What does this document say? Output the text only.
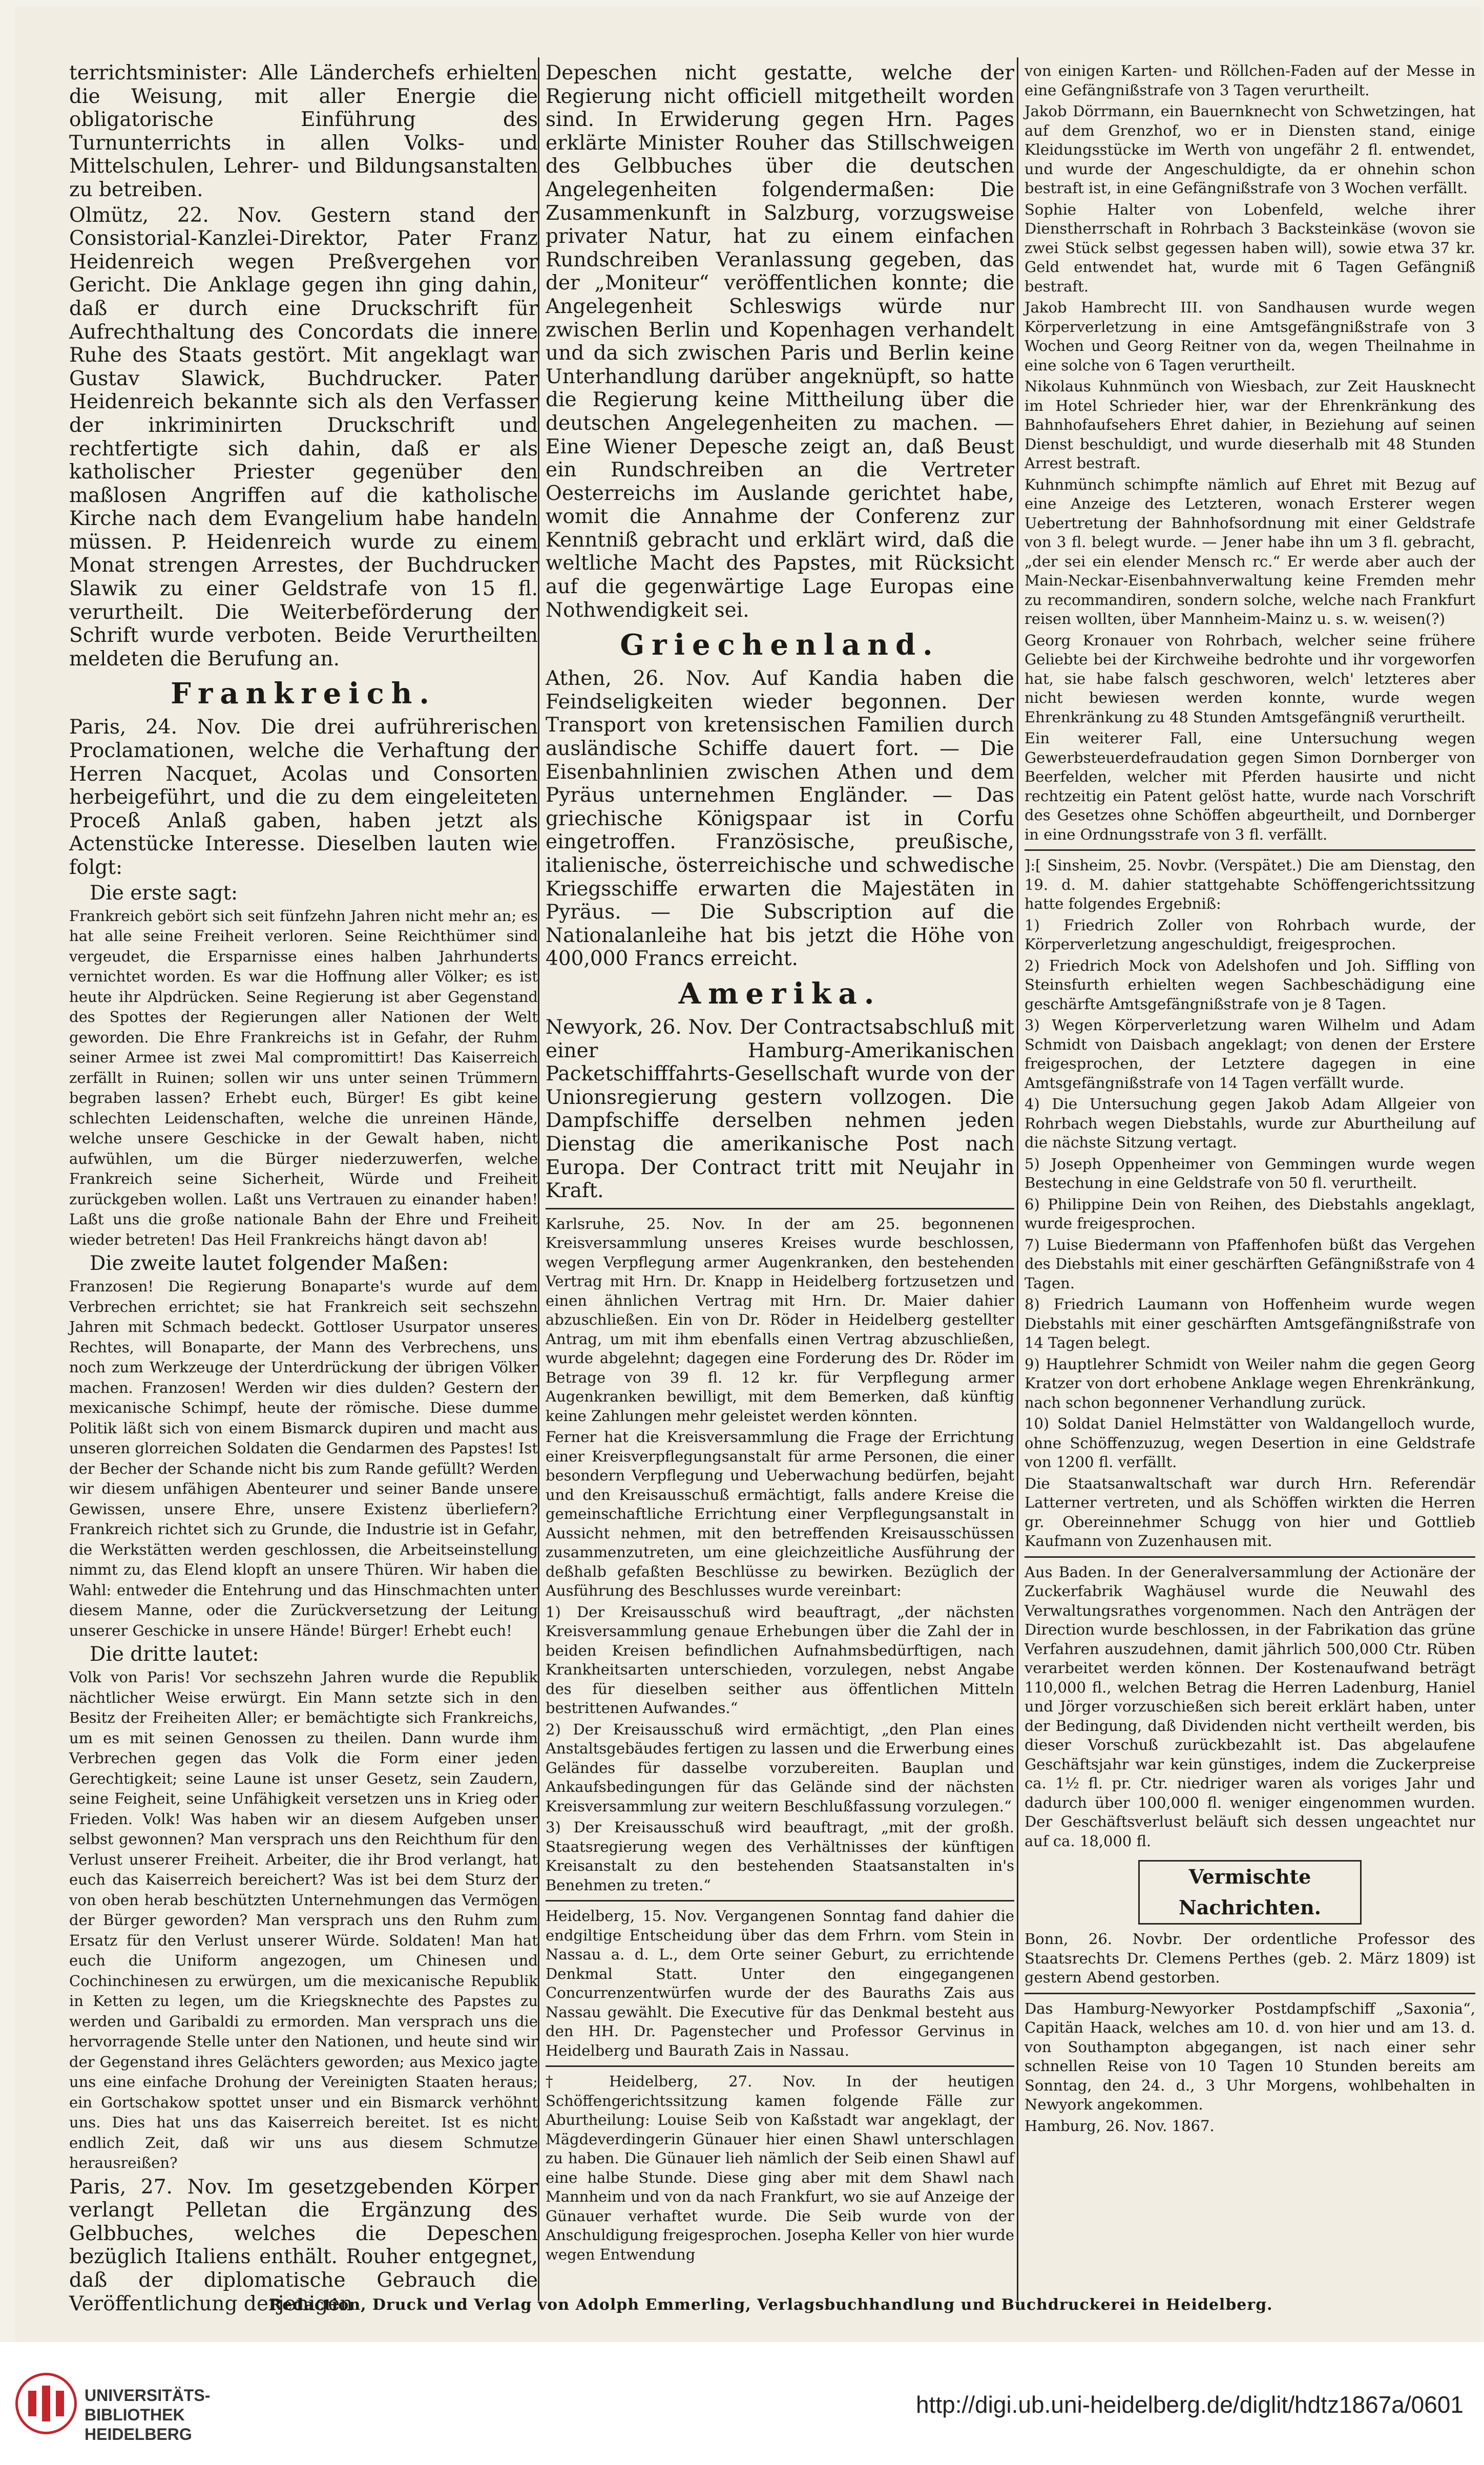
terrichtsminister: Alle Länderchefs erhielten die Weisung, mit aller Energie die obligatorische Einführung des Turnunterrichts in allen Volks- und Mittelschulen, Lehrer- und Bildungsanstalten zu betreiben.

Olmütz, 22. Nov. Gestern stand der Consistorial-Kanzlei-Direktor, Pater Franz Heidenreich wegen Preßvergehen vor Gericht. Die Anklage gegen ihn ging dahin, daß er durch eine Druckschrift für Aufrechthaltung des Concordats die innere Ruhe des Staats gestört. Mit angeklagt war Gustav Slawick, Buchdrucker. Pater Heidenreich bekannte sich als den Verfasser der inkriminirten Druckschrift und rechtfertigte sich dahin, daß er als katholischer Priester gegenüber den maßlosen Angriffen auf die katholische Kirche nach dem Evangelium habe handeln müssen. P. Heidenreich wurde zu einem Monat strengen Arrestes, der Buchdrucker Slawik zu einer Geldstrafe von 15 fl. verurtheilt. Die Weiterbeförderung der Schrift wurde verboten. Beide Verurtheilten meldeten die Berufung an.

Frankreich.

Paris, 24. Nov. Die drei aufrührerischen Proclamationen, welche die Verhaftung der Herren Nacquet, Acolas und Consorten herbeigeführt, und die zu dem eingeleiteten Proceß Anlaß gaben, haben jetzt als Actenstücke Interesse. Dieselben lauten wie folgt:

Die erste sagt:

Frankreich gebört sich seit fünfzehn Jahren nicht mehr an; es hat alle seine Freiheit verloren. Seine Reichthümer sind vergeudet, die Ersparnisse eines halben Jahrhunderts vernichtet worden. Es war die Hoffnung aller Völker; es ist heute ihr Alpdrücken. Seine Regierung ist aber Gegenstand des Spottes der Regierungen aller Nationen der Welt geworden. Die Ehre Frankreichs ist in Gefahr, der Ruhm seiner Armee ist zwei Mal compromittirt! Das Kaiserreich zerfällt in Ruinen; sollen wir uns unter seinen Trümmern begraben lassen? Erhebt euch, Bürger! Es gibt keine schlechten Leidenschaften, welche die unreinen Hände, welche unsere Geschicke in der Gewalt haben, nicht aufwühlen, um die Bürger niederzuwerfen, welche Frankreich seine Sicherheit, Würde und Freiheit zurückgeben wollen. Laßt uns Vertrauen zu einander haben! Laßt uns die große nationale Bahn der Ehre und Freiheit wieder betreten! Das Heil Frankreichs hängt davon ab!

Die zweite lautet folgender Maßen:

Franzosen! Die Regierung Bonaparte's wurde auf dem Verbrechen errichtet; sie hat Frankreich seit sechszehn Jahren mit Schmach bedeckt. Gottloser Usurpator unseres Rechtes, will Bonaparte, der Mann des Verbrechens, uns noch zum Werkzeuge der Unterdrückung der übrigen Völker machen. Franzosen! Werden wir dies dulden? Gestern der mexicanische Schimpf, heute der römische. Diese dumme Politik läßt sich von einem Bismarck dupiren und macht aus unseren glorreichen Soldaten die Gendarmen des Papstes! Ist der Becher der Schande nicht bis zum Rande gefüllt? Werden wir diesem unfähigen Abenteurer und seiner Bande unsere Gewissen, unsere Ehre, unsere Existenz überliefern? Frankreich richtet sich zu Grunde, die Industrie ist in Gefahr, die Werkstätten werden geschlossen, die Arbeitseinstellung nimmt zu, das Elend klopft an unsere Thüren. Wir haben die Wahl: entweder die Entehrung und das Hinschmachten unter diesem Manne, oder die Zurückversetzung der Leitung unserer Geschicke in unsere Hände! Bürger! Erhebt euch!

Die dritte lautet:

Volk von Paris! Vor sechszehn Jahren wurde die Republik nächtlicher Weise erwürgt. Ein Mann setzte sich in den Besitz der Freiheiten Aller; er bemächtigte sich Frankreichs, um es mit seinen Genossen zu theilen. Dann wurde ihm Verbrechen gegen das Volk die Form einer jeden Gerechtigkeit; seine Laune ist unser Gesetz, sein Zaudern, seine Feigheit, seine Unfähigkeit versetzen uns in Krieg oder Frieden. Volk! Was haben wir an diesem Aufgeben unser selbst gewonnen? Man versprach uns den Reichthum für den Verlust unserer Freiheit. Arbeiter, die ihr Brod verlangt, hat euch das Kaiserreich bereichert? Was ist bei dem Sturz der von oben herab beschützten Unternehmungen das Vermögen der Bürger geworden? Man versprach uns den Ruhm zum Ersatz für den Verlust unserer Würde. Soldaten! Man hat euch die Uniform angezogen, um Chinesen und Cochinchinesen zu erwürgen, um die mexicanische Republik in Ketten zu legen, um die Kriegsknechte des Papstes zu werden und Garibaldi zu ermorden. Man versprach uns die hervorragende Stelle unter den Nationen, und heute sind wir der Gegenstand ihres Gelächters geworden; aus Mexico jagte uns eine einfache Drohung der Vereinigten Staaten heraus; ein Gortschakow spottet unser und ein Bismarck verhöhnt uns. Dies hat uns das Kaiserreich bereitet. Ist es nicht endlich Zeit, daß wir uns aus diesem Schmutze herausreißen?

Paris, 27. Nov. Im gesetzgebenden Körper verlangt Pelletan die Ergänzung des Gelbbuches, welches die Depeschen bezüglich Italiens enthält. Rouher entgegnet, daß der diplomatische Gebrauch die Veröffentlichung derjenigen

Depeschen nicht gestatte, welche der Regierung nicht officiell mitgetheilt worden sind. In Erwiderung gegen Hrn. Pages erklärte Minister Rouher das Stillschweigen des Gelbbuches über die deutschen Angelegenheiten folgendermaßen: Die Zusammenkunft in Salzburg, vorzugsweise privater Natur, hat zu einem einfachen Rundschreiben Veranlassung gegeben, das der „Moniteur“ veröffentlichen konnte; die Angelegenheit Schleswigs würde nur zwischen Berlin und Kopenhagen verhandelt und da sich zwischen Paris und Berlin keine Unterhandlung darüber angeknüpft, so hatte die Regierung keine Mittheilung über die deutschen Angelegenheiten zu machen. — Eine Wiener Depesche zeigt an, daß Beust ein Rundschreiben an die Vertreter Oesterreichs im Auslande gerichtet habe, womit die Annahme der Conferenz zur Kenntniß gebracht und erklärt wird, daß die weltliche Macht des Papstes, mit Rücksicht auf die gegenwärtige Lage Europas eine Nothwendigkeit sei.

Griechenland.

Athen, 26. Nov. Auf Kandia haben die Feindseligkeiten wieder begonnen. Der Transport von kretensischen Familien durch ausländische Schiffe dauert fort. — Die Eisenbahnlinien zwischen Athen und dem Pyräus unternehmen Engländer. — Das griechische Königspaar ist in Corfu eingetroffen. Französische, preußische, italienische, österreichische und schwedische Kriegsschiffe erwarten die Majestäten in Pyräus. — Die Subscription auf die Nationalanleihe hat bis jetzt die Höhe von 400,000 Francs erreicht.

Amerika.

Newyork, 26. Nov. Der Contractsabschluß mit einer Hamburg-Amerikanischen Packetschifffahrts-Gesellschaft wurde von der Unionsregierung gestern vollzogen. Die Dampfschiffe derselben nehmen jeden Dienstag die amerikanische Post nach Europa. Der Contract tritt mit Neujahr in Kraft.

Karlsruhe, 25. Nov. In der am 25. begonnenen Kreisversammlung unseres Kreises wurde beschlossen, wegen Verpflegung armer Augenkranken, den bestehenden Vertrag mit Hrn. Dr. Knapp in Heidelberg fortzusetzen und einen ähnlichen Vertrag mit Hrn. Dr. Maier dahier abzuschließen. Ein von Dr. Röder in Heidelberg gestellter Antrag, um mit ihm ebenfalls einen Vertrag abzuschließen, wurde abgelehnt; dagegen eine Forderung des Dr. Röder im Betrage von 39 fl. 12 kr. für Verpflegung armer Augenkranken bewilligt, mit dem Bemerken, daß künftig keine Zahlungen mehr geleistet werden könnten.

Ferner hat die Kreisversammlung die Frage der Errichtung einer Kreisverpflegungsanstalt für arme Personen, die einer besondern Verpflegung und Ueberwachung bedürfen, bejaht und den Kreisausschuß ermächtigt, falls andere Kreise die gemeinschaftliche Errichtung einer Verpflegungsanstalt in Aussicht nehmen, mit den betreffenden Kreisausschüssen zusammenzutreten, um eine gleichzeitliche Ausführung der deßhalb gefaßten Beschlüsse zu bewirken. Bezüglich der Ausführung des Beschlusses wurde vereinbart:

1) Der Kreisausschuß wird beauftragt, „der nächsten Kreisversammlung genaue Erhebungen über die Zahl der in beiden Kreisen befindlichen Aufnahmsbedürftigen, nach Krankheitsarten unterschieden, vorzulegen, nebst Angabe des für dieselben seither aus öffentlichen Mitteln bestrittenen Aufwandes.“

2) Der Kreisausschuß wird ermächtigt, „den Plan eines Anstaltsgebäudes fertigen zu lassen und die Erwerbung eines Geländes für dasselbe vorzubereiten. Bauplan und Ankaufsbedingungen für das Gelände sind der nächsten Kreisversammlung zur weitern Beschlußfassung vorzulegen.“

3) Der Kreisausschuß wird beauftragt, „mit der großh. Staatsregierung wegen des Verhältnisses der künftigen Kreisanstalt zu den bestehenden Staatsanstalten in's Benehmen zu treten.“

Heidelberg, 15. Nov. Vergangenen Sonntag fand dahier die endgiltige Entscheidung über das dem Frhrn. vom Stein in Nassau a. d. L., dem Orte seiner Geburt, zu errichtende Denkmal Statt. Unter den eingegangenen Concurrenzentwürfen wurde der des Bauraths Zais aus Nassau gewählt. Die Executive für das Denkmal besteht aus den HH. Dr. Pagenstecher und Professor Gervinus in Heidelberg und Baurath Zais in Nassau.

† Heidelberg, 27. Nov. In der heutigen Schöffengerichtssitzung kamen folgende Fälle zur Aburtheilung: Louise Seib von Kaßstadt war angeklagt, der Mägdeverdingerin Günauer hier einen Shawl unterschlagen zu haben. Die Günauer lieh nämlich der Seib einen Shawl auf eine halbe Stunde. Diese ging aber mit dem Shawl nach Mannheim und von da nach Frankfurt, wo sie auf Anzeige der Günauer verhaftet wurde. Die Seib wurde von der Anschuldigung freigesprochen. Josepha Keller von hier wurde wegen Entwendung

von einigen Karten- und Röllchen-Faden auf der Messe in eine Gefängnißstrafe von 3 Tagen verurtheilt.

Jakob Dörrmann, ein Bauernknecht von Schwetzingen, hat auf dem Grenzhof, wo er in Diensten stand, einige Kleidungsstücke im Werth von ungefähr 2 fl. entwendet, und wurde der Angeschuldigte, da er ohnehin schon bestraft ist, in eine Gefängnißstrafe von 3 Wochen verfällt.

Sophie Halter von Lobenfeld, welche ihrer Dienstherrschaft in Rohrbach 3 Backsteinkäse (wovon sie zwei Stück selbst gegessen haben will), sowie etwa 37 kr. Geld entwendet hat, wurde mit 6 Tagen Gefängniß bestraft.

Jakob Hambrecht III. von Sandhausen wurde wegen Körperverletzung in eine Amtsgefängnißstrafe von 3 Wochen und Georg Reitner von da, wegen Theilnahme in eine solche von 6 Tagen verurtheilt.

Nikolaus Kuhnmünch von Wiesbach, zur Zeit Hausknecht im Hotel Schrieder hier, war der Ehrenkränkung des Bahnhofaufsehers Ehret dahier, in Beziehung auf seinen Dienst beschuldigt, und wurde dieserhalb mit 48 Stunden Arrest bestraft.

Kuhnmünch schimpfte nämlich auf Ehret mit Bezug auf eine Anzeige des Letzteren, wonach Ersterer wegen Uebertretung der Bahnhofsordnung mit einer Geldstrafe von 3 fl. belegt wurde. — Jener habe ihn um 3 fl. gebracht, „der sei ein elender Mensch rc.“ Er werde aber auch der Main-Neckar-Eisenbahnverwaltung keine Fremden mehr zu recommandiren, sondern solche, welche nach Frankfurt reisen wollten, über Mannheim-Mainz u. s. w. weisen(?)

Georg Kronauer von Rohrbach, welcher seine frühere Geliebte bei der Kirchweihe bedrohte und ihr vorgeworfen hat, sie habe falsch geschworen, welch' letzteres aber nicht bewiesen werden konnte, wurde wegen Ehrenkränkung zu 48 Stunden Amtsgefängniß verurtheilt.

Ein weiterer Fall, eine Untersuchung wegen Gewerbsteuerdefraudation gegen Simon Dornberger von Beerfelden, welcher mit Pferden hausirte und nicht rechtzeitig ein Patent gelöst hatte, wurde nach Vorschrift des Gesetzes ohne Schöffen abgeurtheilt, und Dornberger in eine Ordnungsstrafe von 3 fl. verfällt.

]:[ Sinsheim, 25. Novbr. (Verspätet.) Die am Dienstag, den 19. d. M. dahier stattgehabte Schöffengerichtssitzung hatte folgendes Ergebniß:

1) Friedrich Zoller von Rohrbach wurde, der Körperverletzung angeschuldigt, freigesprochen.

2) Friedrich Mock von Adelshofen und Joh. Siffling von Steinsfurth erhielten wegen Sachbeschädigung eine geschärfte Amtsgefängnißstrafe von je 8 Tagen.

3) Wegen Körperverletzung waren Wilhelm und Adam Schmidt von Daisbach angeklagt; von denen der Erstere freigesprochen, der Letztere dagegen in eine Amtsgefängnißstrafe von 14 Tagen verfällt wurde.

4) Die Untersuchung gegen Jakob Adam Allgeier von Rohrbach wegen Diebstahls, wurde zur Aburtheilung auf die nächste Sitzung vertagt.

5) Joseph Oppenheimer von Gemmingen wurde wegen Bestechung in eine Geldstrafe von 50 fl. verurtheilt.

6) Philippine Dein von Reihen, des Diebstahls angeklagt, wurde freigesprochen.

7) Luise Biedermann von Pfaffenhofen büßt das Vergehen des Diebstahls mit einer geschärften Gefängnißstrafe von 4 Tagen.

8) Friedrich Laumann von Hoffenheim wurde wegen Diebstahls mit einer geschärften Amtsgefängnißstrafe von 14 Tagen belegt.

9) Hauptlehrer Schmidt von Weiler nahm die gegen Georg Kratzer von dort erhobene Anklage wegen Ehrenkränkung, nach schon begonnener Verhandlung zurück.

10) Soldat Daniel Helmstätter von Waldangelloch wurde, ohne Schöffenzuzug, wegen Desertion in eine Geldstrafe von 1200 fl. verfällt.

Die Staatsanwaltschaft war durch Hrn. Referendär Latterner vertreten, und als Schöffen wirkten die Herren gr. Obereinnehmer Schugg von hier und Gottlieb Kaufmann von Zuzenhausen mit.

Aus Baden. In der Generalversammlung der Actionäre der Zuckerfabrik Waghäusel wurde die Neuwahl des Verwaltungsrathes vorgenommen. Nach den Anträgen der Direction wurde beschlossen, in der Fabrikation das grüne Verfahren auszudehnen, damit jährlich 500,000 Ctr. Rüben verarbeitet werden können. Der Kostenaufwand beträgt 110,000 fl., welchen Betrag die Herren Ladenburg, Haniel und Jörger vorzuschießen sich bereit erklärt haben, unter der Bedingung, daß Dividenden nicht vertheilt werden, bis dieser Vorschuß zurückbezahlt ist. Das abgelaufene Geschäftsjahr war kein günstiges, indem die Zuckerpreise ca. 1½ fl. pr. Ctr. niedriger waren als voriges Jahr und dadurch über 100,000 fl. weniger eingenommen wurden. Der Geschäftsverlust beläuft sich dessen ungeachtet nur auf ca. 18,000 fl.

Vermischte Nachrichten.

Bonn, 26. Novbr. Der ordentliche Professor des Staatsrechts Dr. Clemens Perthes (geb. 2. März 1809) ist gestern Abend gestorben.

Das Hamburg-Newyorker Postdampfschiff „Saxonia“, Capitän Haack, welches am 10. d. von hier und am 13. d. von Southampton abgegangen, ist nach einer sehr schnellen Reise von 10 Tagen 10 Stunden bereits am Sonntag, den 24. d., 3 Uhr Morgens, wohlbehalten in Newyork angekommen.

Hamburg, 26. Nov. 1867.

Redaction, Druck und Verlag von Adolph Emmerling, Verlagsbuchhandlung und Buchdruckerei in Heidelberg.
UNIVERSITÄTS-
BIBLIOTHEK
HEIDELBERG
http://digi.ub.uni-heidelberg.de/diglit/hdtz1867a/0601
